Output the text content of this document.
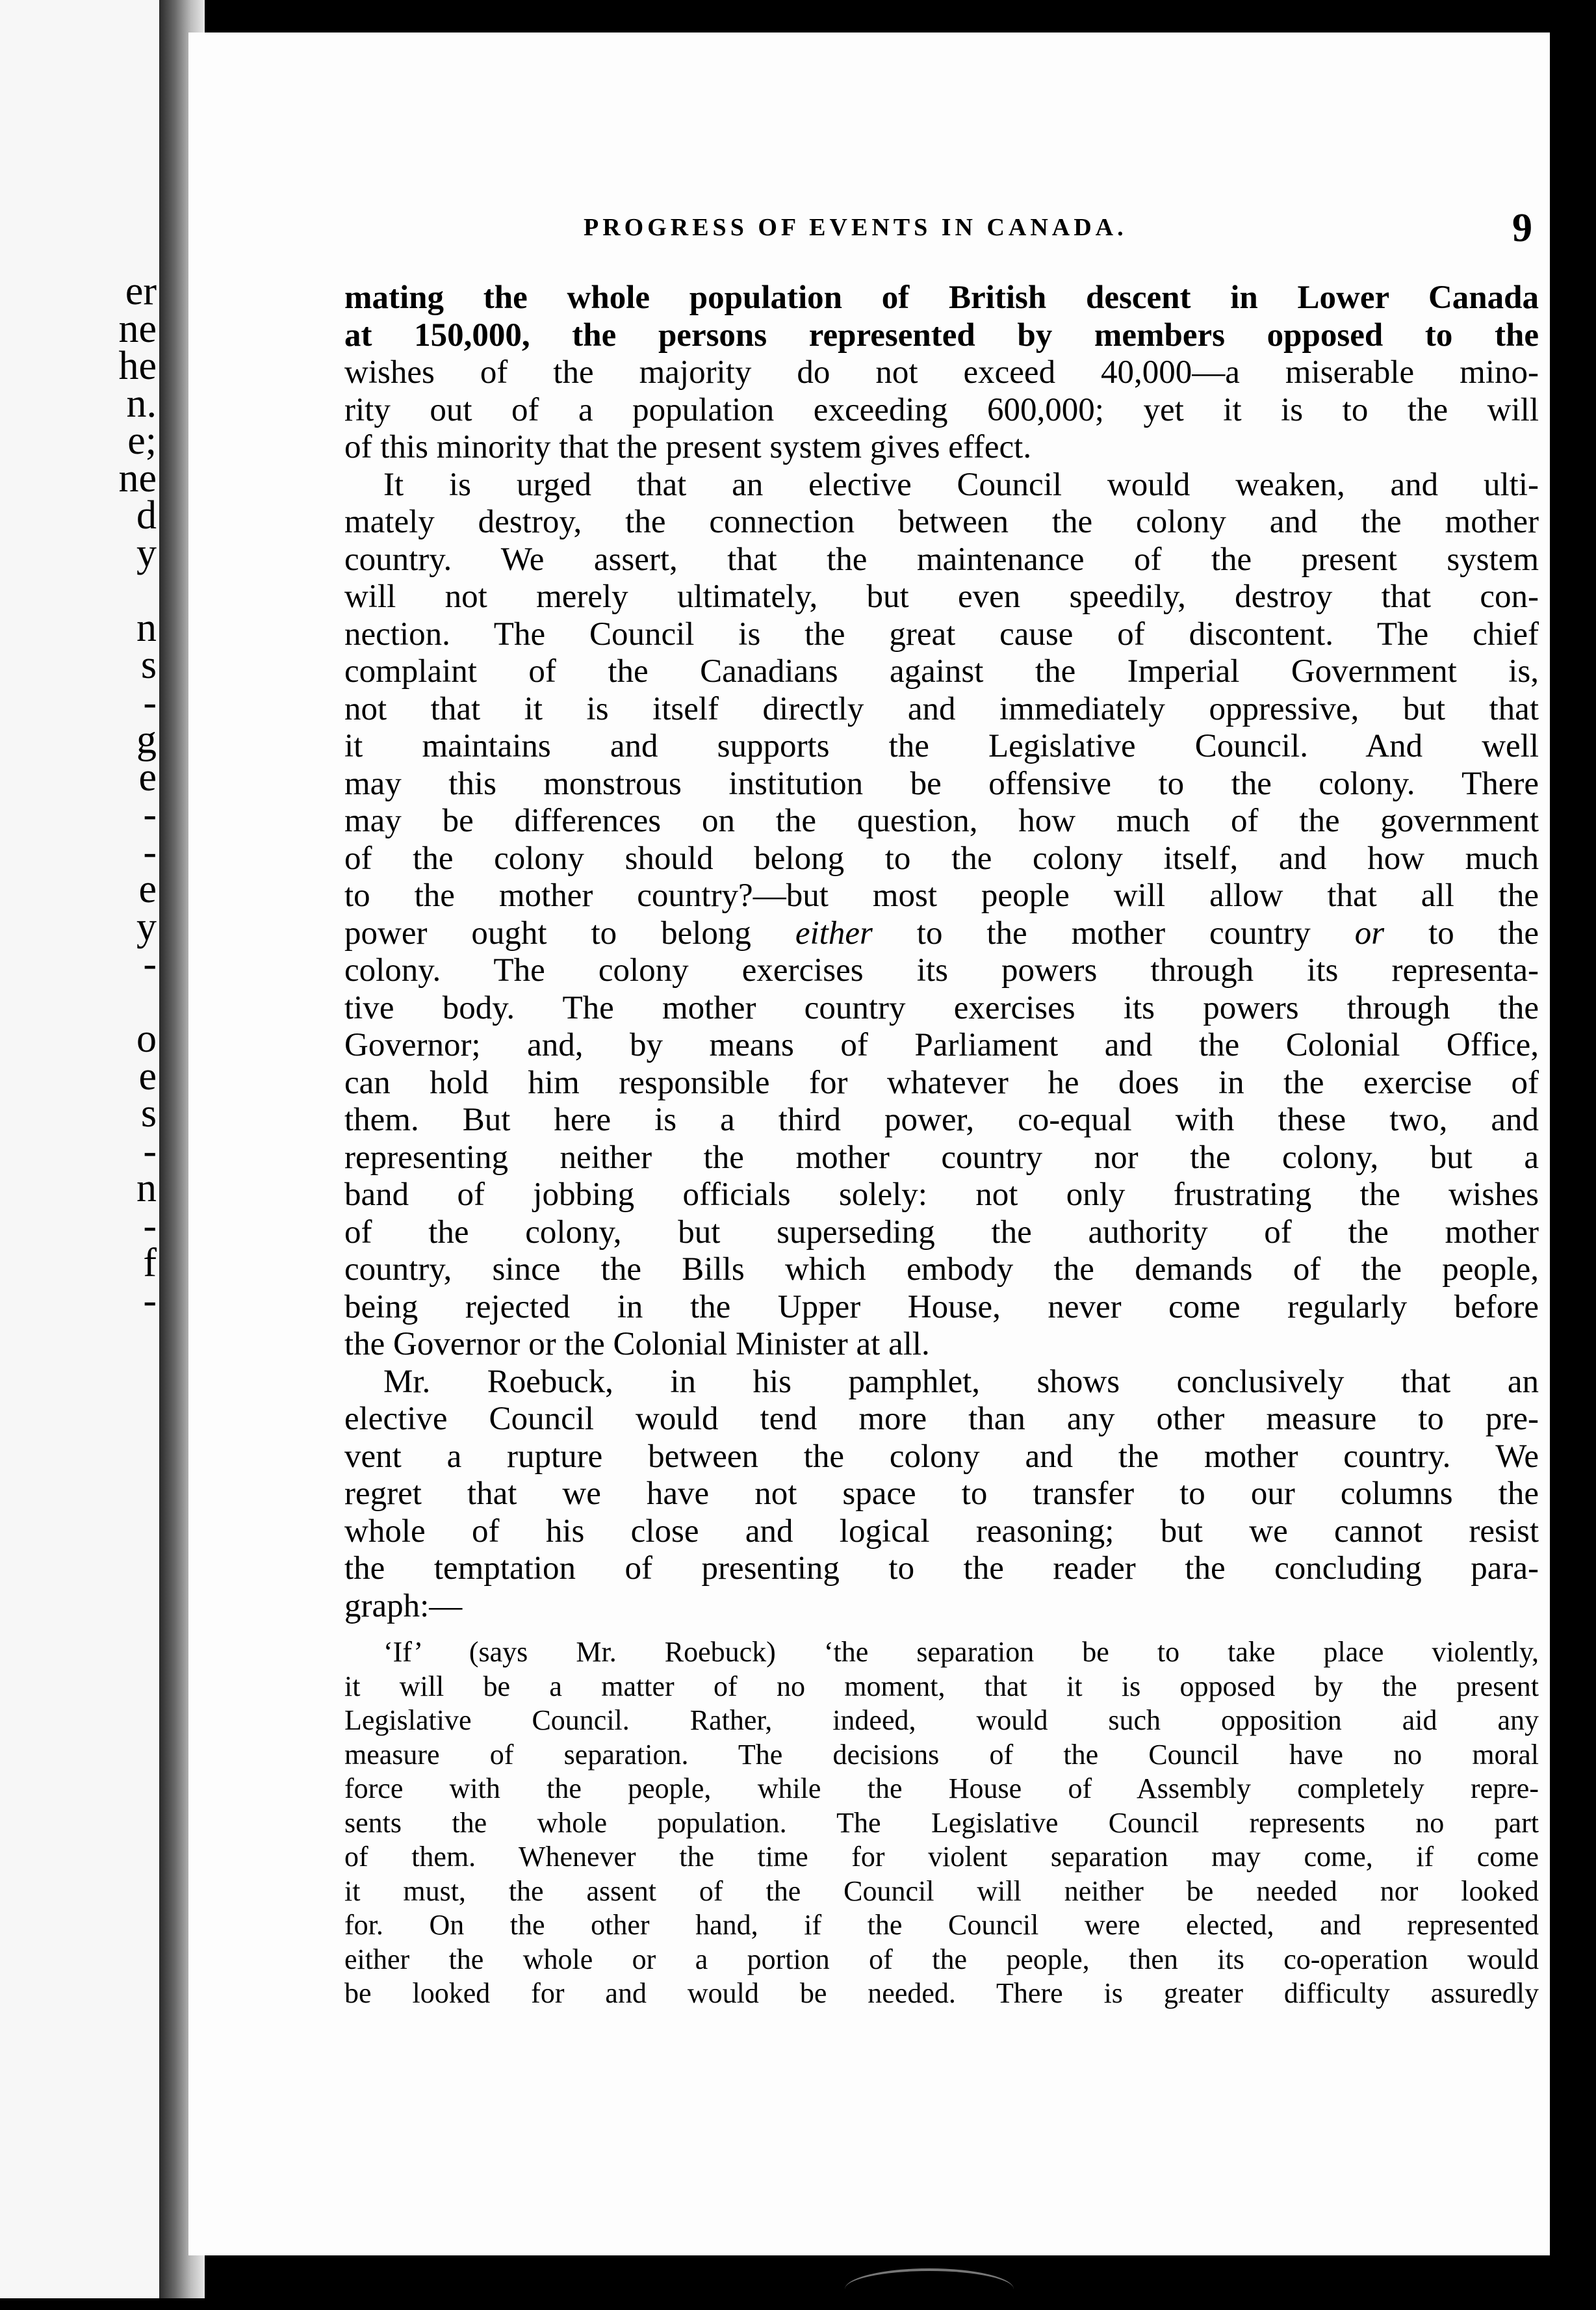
er
ne
he
n.
e;
ne
d
y
n
s
-
g
e
-
-
e
y
-
o
e
s
-
n
-
f
-
PROGRESS OF EVENTS IN CANADA.	9
mating the whole population of British descent in Lower Canada
at 150,000, the persons represented by members opposed to the
wishes of the majority do not exceed 40,000—a miserable mino-
rity out of a population exceeding 600,000; yet it is to the will
of this minority that the present system gives effect.
It is urged that an elective Council would weaken, and ulti-
mately destroy, the connection between the colony and the mother
country. We assert, that the maintenance of the present system
will not merely ultimately, but even speedily, destroy that con-
nection. The Council is the great cause of discontent. The chief
complaint of the Canadians against the Imperial Government is,
not that it is itself directly and immediately oppressive, but that
it maintains and supports the Legislative Council. And well
may this monstrous institution be offensive to the colony. There
may be differences on the question, how much of the government
of the colony should belong to the colony itself, and how much
to the mother country?—but most people will allow that all the
power ought to belong either to the mother country or to the
colony. The colony exercises its powers through its representa-
tive body. The mother country exercises its powers through the
Governor; and, by means of Parliament and the Colonial Office,
can hold him responsible for whatever he does in the exercise of
them. But here is a third power, co-equal with these two, and
representing neither the mother country nor the colony, but a
band of jobbing officials solely: not only frustrating the wishes
of the colony, but superseding the authority of the mother
country, since the Bills which embody the demands of the people,
being rejected in the Upper House, never come regularly before
the Governor or the Colonial Minister at all.
Mr. Roebuck, in his pamphlet, shows conclusively that an
elective Council would tend more than any other measure to pre-
vent a rupture between the colony and the mother country. We
regret that we have not space to transfer to our columns the
whole of his close and logical reasoning; but we cannot resist
the temptation of presenting to the reader the concluding para-
graph:—
‘If’ (says Mr. Roebuck) ‘the separation be to take place violently,
it will be a matter of no moment, that it is opposed by the present
Legislative Council. Rather, indeed, would such opposition aid any
measure of separation. The decisions of the Council have no moral
force with the people, while the House of Assembly completely repre-
sents the whole population. The Legislative Council represents no part
of them. Whenever the time for violent separation may come, if come
it must, the assent of the Council will neither be needed nor looked
for. On the other hand, if the Council were elected, and represented
either the whole or a portion of the people, then its co-operation would
be looked for and would be needed. There is greater difficulty assuredly
